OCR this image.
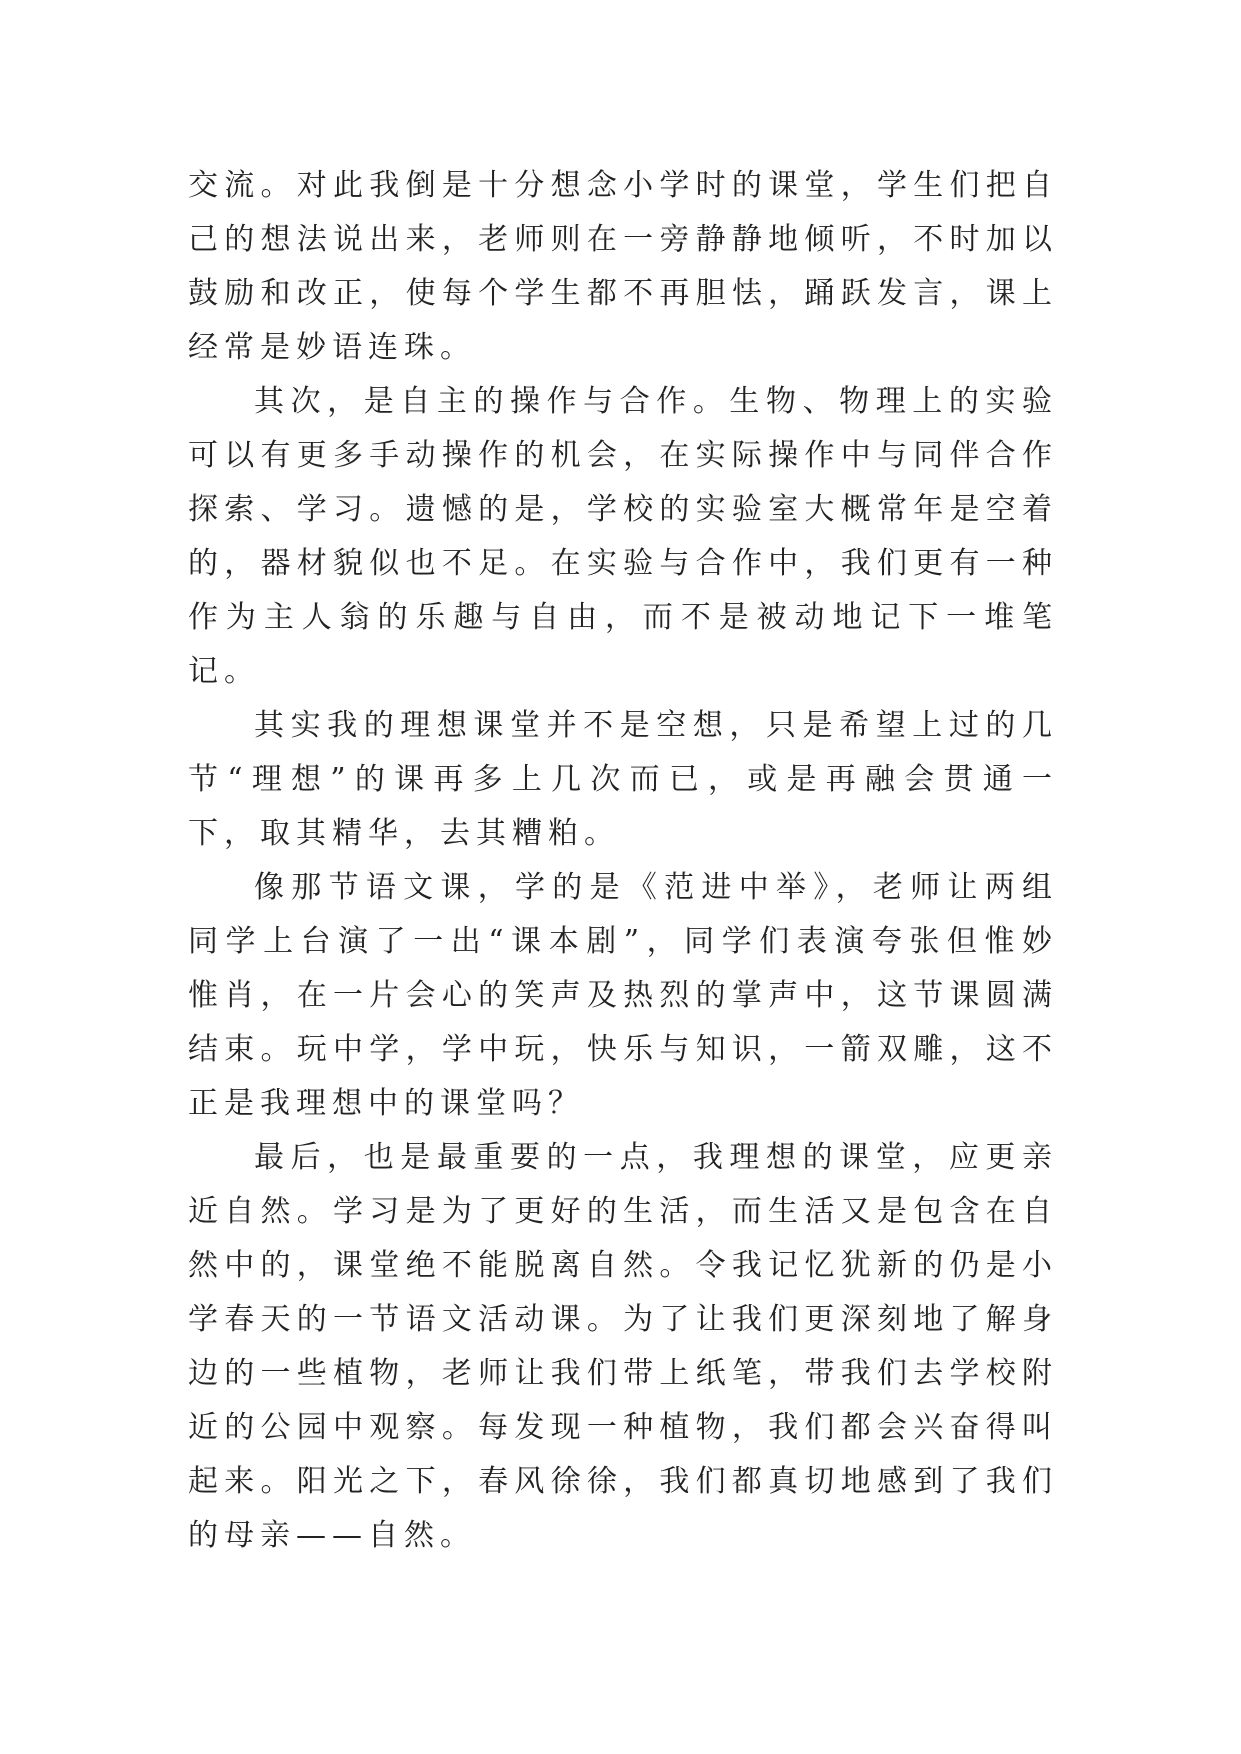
交流。对此我倒是十分想念小学时的课堂，学生们把自己的想法说出来，老师则在一旁静静地倾听，不时加以鼓励和改正，使每个学生都不再胆怯，踊跃发言，课上经常是妙语连珠。

其次，是自主的操作与合作。生物、物理上的实验可以有更多手动操作的机会，在实际操作中与同伴合作探索、学习。遗憾的是，学校的实验室大概常年是空着的，器材貌似也不足。在实验与合作中，我们更有一种作为主人翁的乐趣与自由，而不是被动地记下一堆笔记。

其实我的理想课堂并不是空想，只是希望上过的几节“理想”的课再多上几次而已，或是再融会贯通一下，取其精华，去其糟粕。

像那节语文课，学的是《范进中举》，老师让两组同学上台演了一出“课本剧”，同学们表演夸张但惟妙惟肖，在一片会心的笑声及热烈的掌声中，这节课圆满结束。玩中学，学中玩，快乐与知识，一箭双雕，这不正是我理想中的课堂吗？

最后，也是最重要的一点，我理想的课堂，应更亲近自然。学习是为了更好的生活，而生活又是包含在自然中的，课堂绝不能脱离自然。令我记忆犹新的仍是小学春天的一节语文活动课。为了让我们更深刻地了解身边的一些植物，老师让我们带上纸笔，带我们去学校附近的公园中观察。每发现一种植物，我们都会兴奋得叫起来。阳光之下，春风徐徐，我们都真切地感到了我们的母亲——自然。
